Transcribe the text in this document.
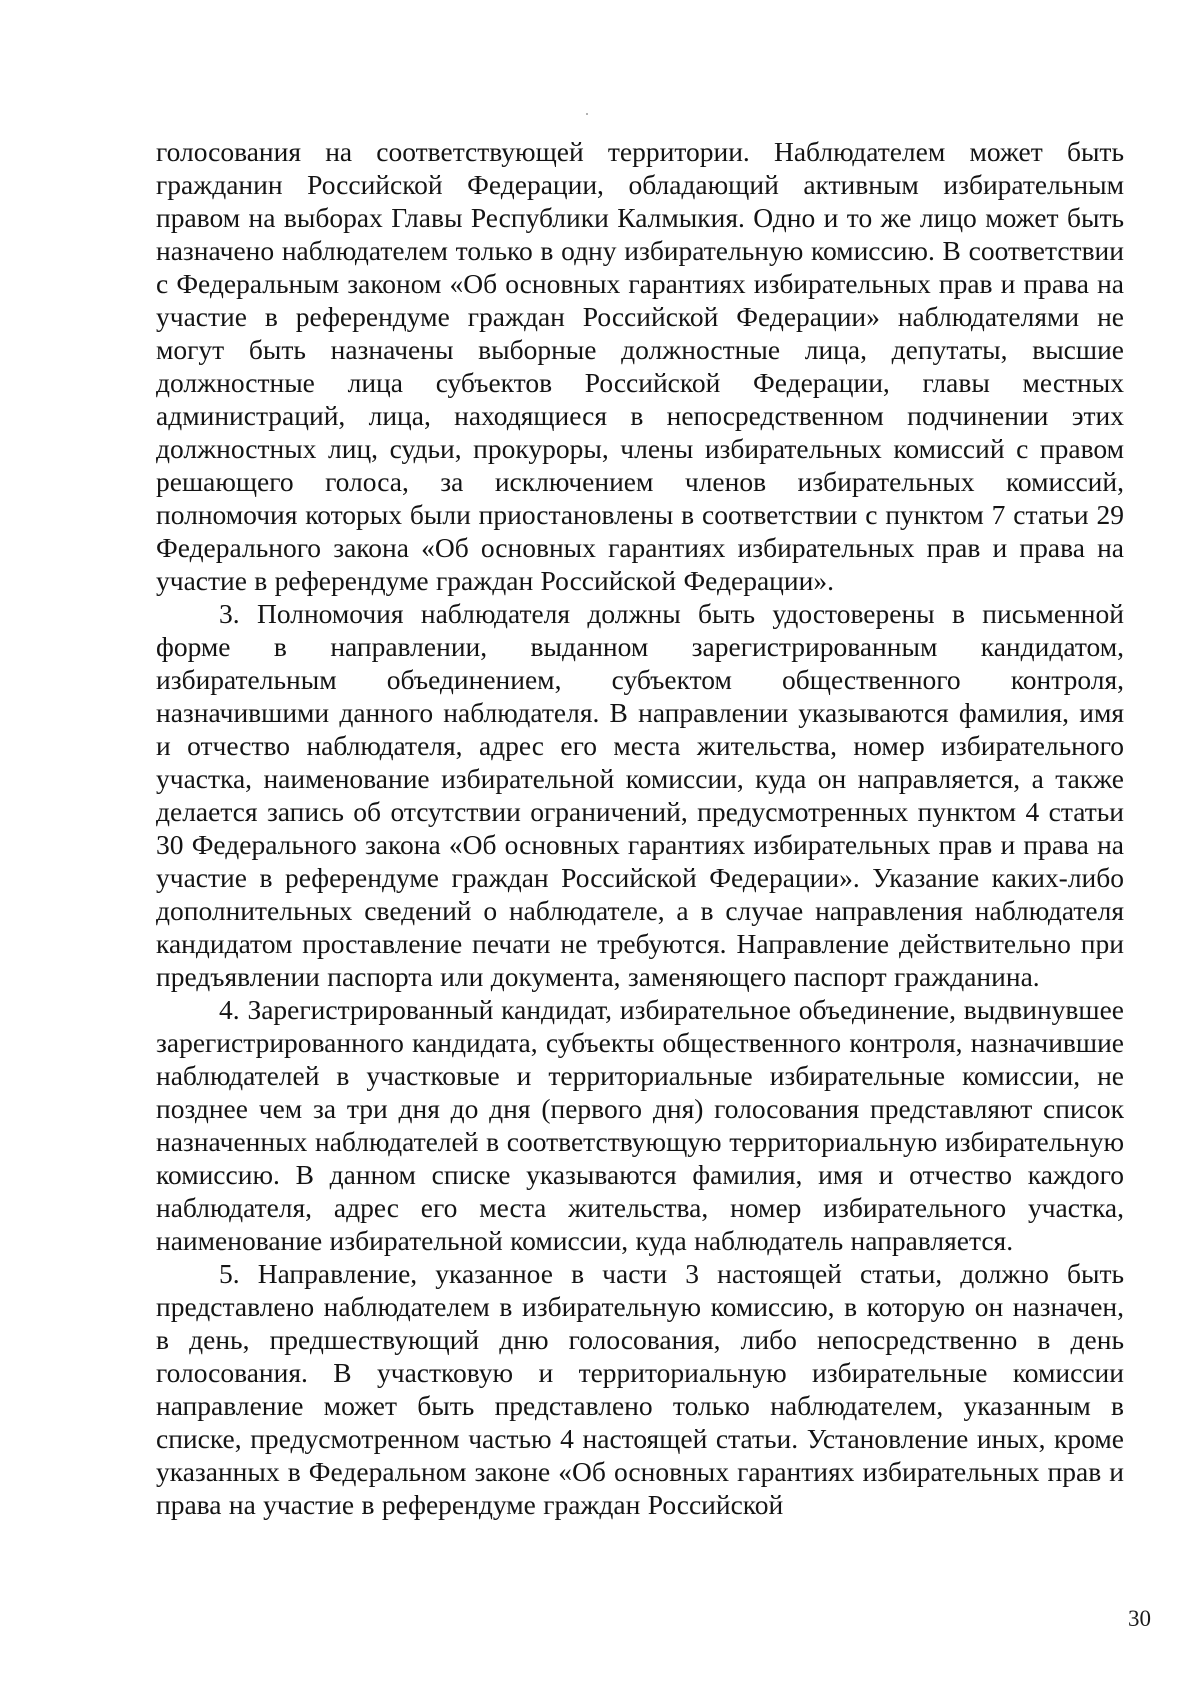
голосования на соответствующей территории. Наблюдателем может быть гражданин Российской Федерации, обладающий активным избирательным правом на выборах Главы Республики Калмыкия. Одно и то же лицо может быть назначено наблюдателем только в одну избирательную комиссию. В соответствии с Федеральным законом «Об основных гарантиях избирательных прав и права на участие в референдуме граждан Российской Федерации» наблюдателями не могут быть назначены выборные должностные лица, депутаты, высшие должностные лица субъектов Российской Федерации, главы местных администраций, лица, находящиеся в непосредственном подчинении этих должностных лиц, судьи, прокуроры, члены избирательных комиссий с правом решающего голоса, за исключением членов избирательных комиссий, полномочия которых были приостановлены в соответствии с пунктом 7 статьи 29 Федерального закона «Об основных гарантиях избирательных прав и права на участие в референдуме граждан Российской Федерации».

3. Полномочия наблюдателя должны быть удостоверены в письменной форме в направлении, выданном зарегистрированным кандидатом, избирательным объединением, субъектом общественного контроля, назначившими данного наблюдателя. В направлении указываются фамилия, имя и отчество наблюдателя, адрес его места жительства, номер избирательного участка, наименование избирательной комиссии, куда он направляется, а также делается запись об отсутствии ограничений, предусмотренных пунктом 4 статьи 30 Федерального закона «Об основных гарантиях избирательных прав и права на участие в референдуме граждан Российской Федерации». Указание каких-либо дополнительных сведений о наблюдателе, а в случае направления наблюдателя кандидатом проставление печати не требуются. Направление действительно при предъявлении паспорта или документа, заменяющего паспорт гражданина.

4. Зарегистрированный кандидат, избирательное объединение, выдвинувшее зарегистрированного кандидата, субъекты общественного контроля, назначившие наблюдателей в участковые и территориальные избирательные комиссии, не позднее чем за три дня до дня (первого дня) голосования представляют список назначенных наблюдателей в соответствующую территориальную избирательную комиссию. В данном списке указываются фамилия, имя и отчество каждого наблюдателя, адрес его места жительства, номер избирательного участка, наименование избирательной комиссии, куда наблюдатель направляется.

5. Направление, указанное в части 3 настоящей статьи, должно быть представлено наблюдателем в избирательную комиссию, в которую он назначен, в день, предшествующий дню голосования, либо непосредственно в день голосования. В участковую и территориальную избирательные комиссии направление может быть представлено только наблюдателем, указанным в списке, предусмотренном частью 4 настоящей статьи. Установление иных, кроме указанных в Федеральном законе «Об основных гарантиях избирательных прав и права на участие в референдуме граждан Российской

30
